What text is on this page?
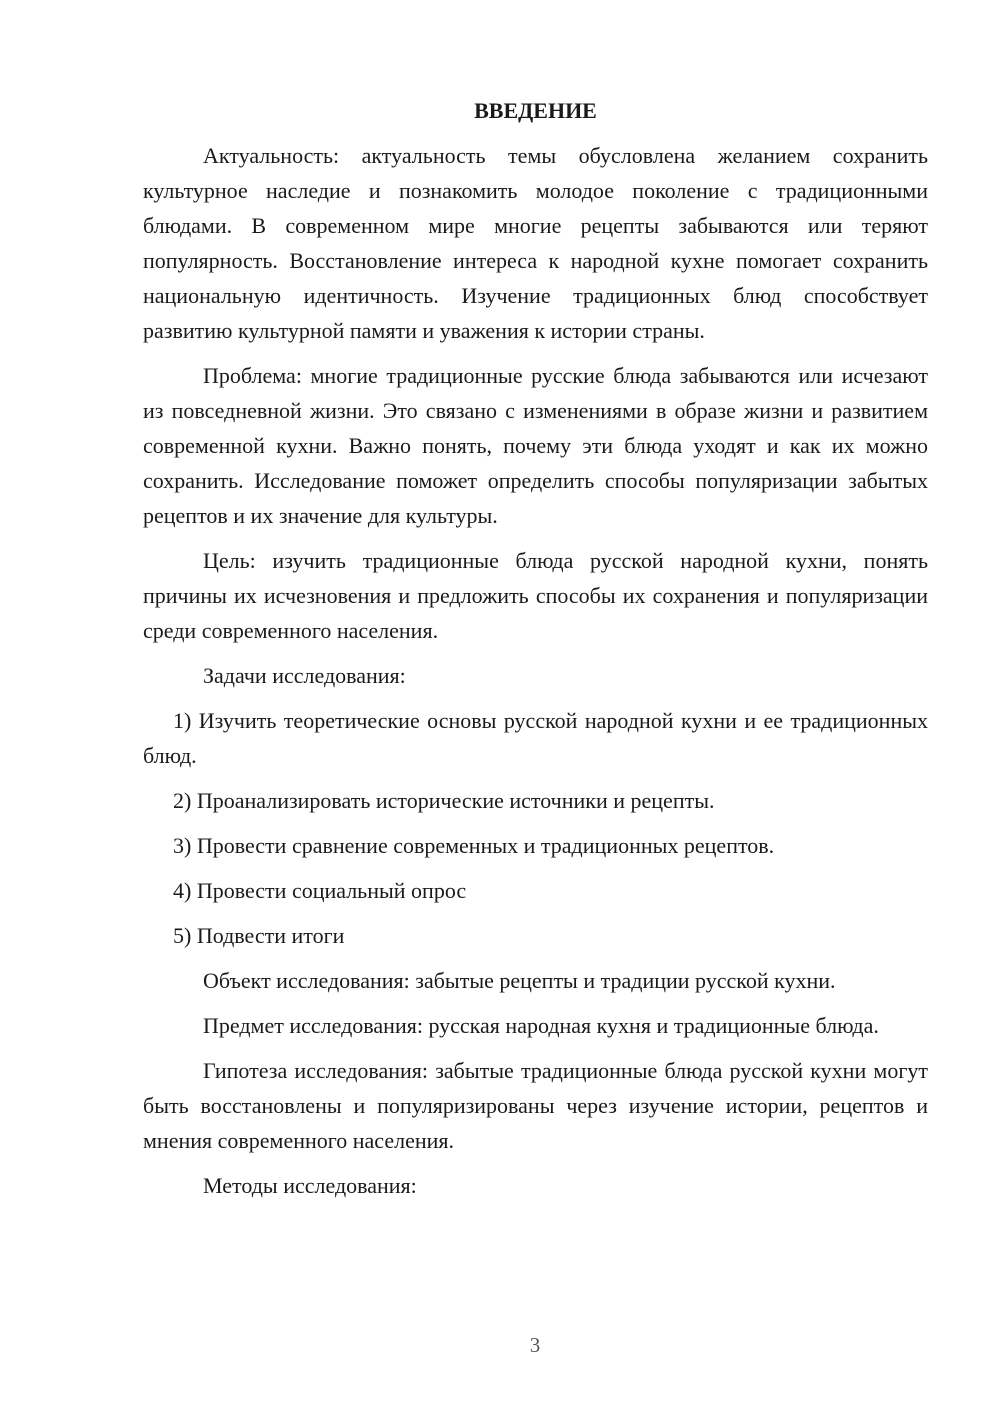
ВВЕДЕНИЕ

Актуальность: актуальность темы обусловлена желанием сохранить культурное наследие и познакомить молодое поколение с традиционными блюдами. В современном мире многие рецепты забываются или теряют популярность. Восстановление интереса к народной кухне помогает сохранить национальную идентичность. Изучение традиционных блюд способствует развитию культурной памяти и уважения к истории страны.

Проблема: многие традиционные русские блюда забываются или исчезают из повседневной жизни. Это связано с изменениями в образе жизни и развитием современной кухни. Важно понять, почему эти блюда уходят и как их можно сохранить. Исследование поможет определить способы популяризации забытых рецептов и их значение для культуры.

Цель: изучить традиционные блюда русской народной кухни, понять причины их исчезновения и предложить способы их сохранения и популяризации среди современного населения.

Задачи исследования:

1) Изучить теоретические основы русской народной кухни и ее традиционных блюд.

2) Проанализировать исторические источники и рецепты.

3) Провести сравнение современных и традиционных рецептов.

4) Провести социальный опрос

5) Подвести итоги

Объект исследования: забытые рецепты и традиции русской кухни.

Предмет исследования: русская народная кухня и традиционные блюда.

Гипотеза исследования: забытые традиционные блюда русской кухни могут быть восстановлены и популяризированы через изучение истории, рецептов и мнения современного населения.

Методы исследования:

3
